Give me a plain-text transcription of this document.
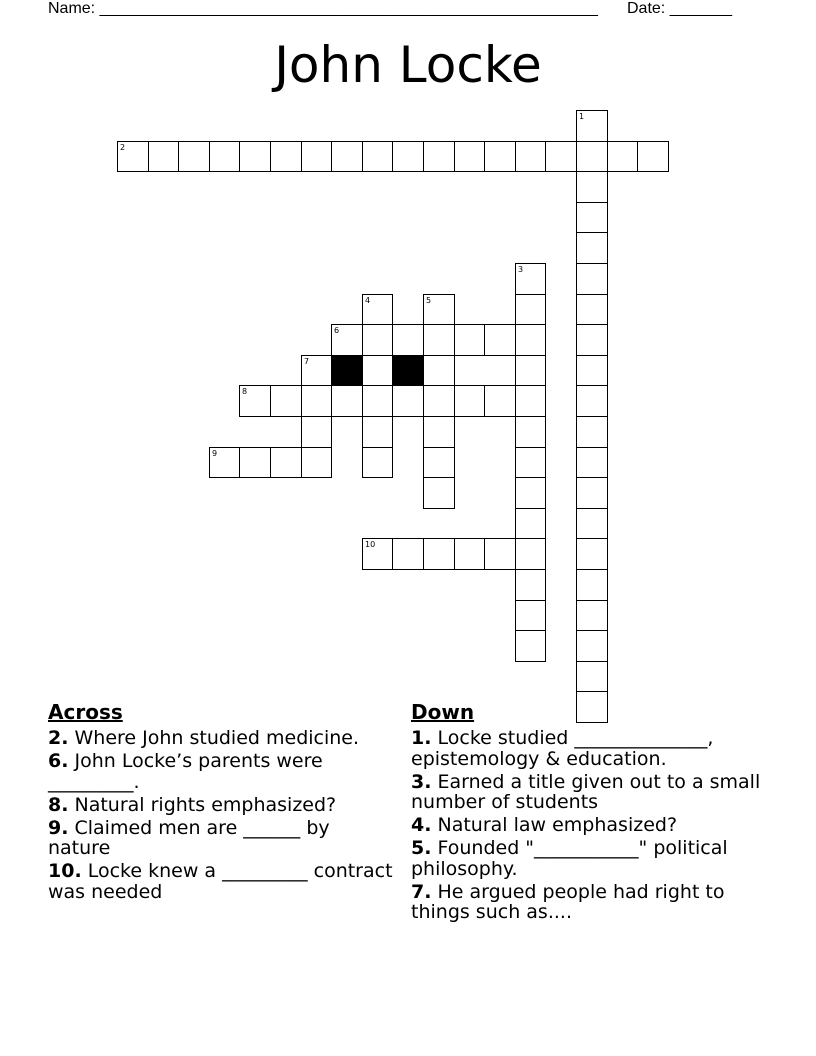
Name: ________________________________________________________ Date: _______
John Locke
1
2
3
4	5
6
7
8
9
10
Across
2. Where John studied medicine.
6. John Locke’s parents were _________.
8. Natural rights emphasized?
9. Claimed men are ______ by nature
10. Locke knew a _________ contract was needed
Down
1. Locke studied ______________, epistemology & education.
3. Earned a title given out to a small number of students
4. Natural law emphasized?
5. Founded "___________" political philosophy.
7. He argued people had right to things such as....
